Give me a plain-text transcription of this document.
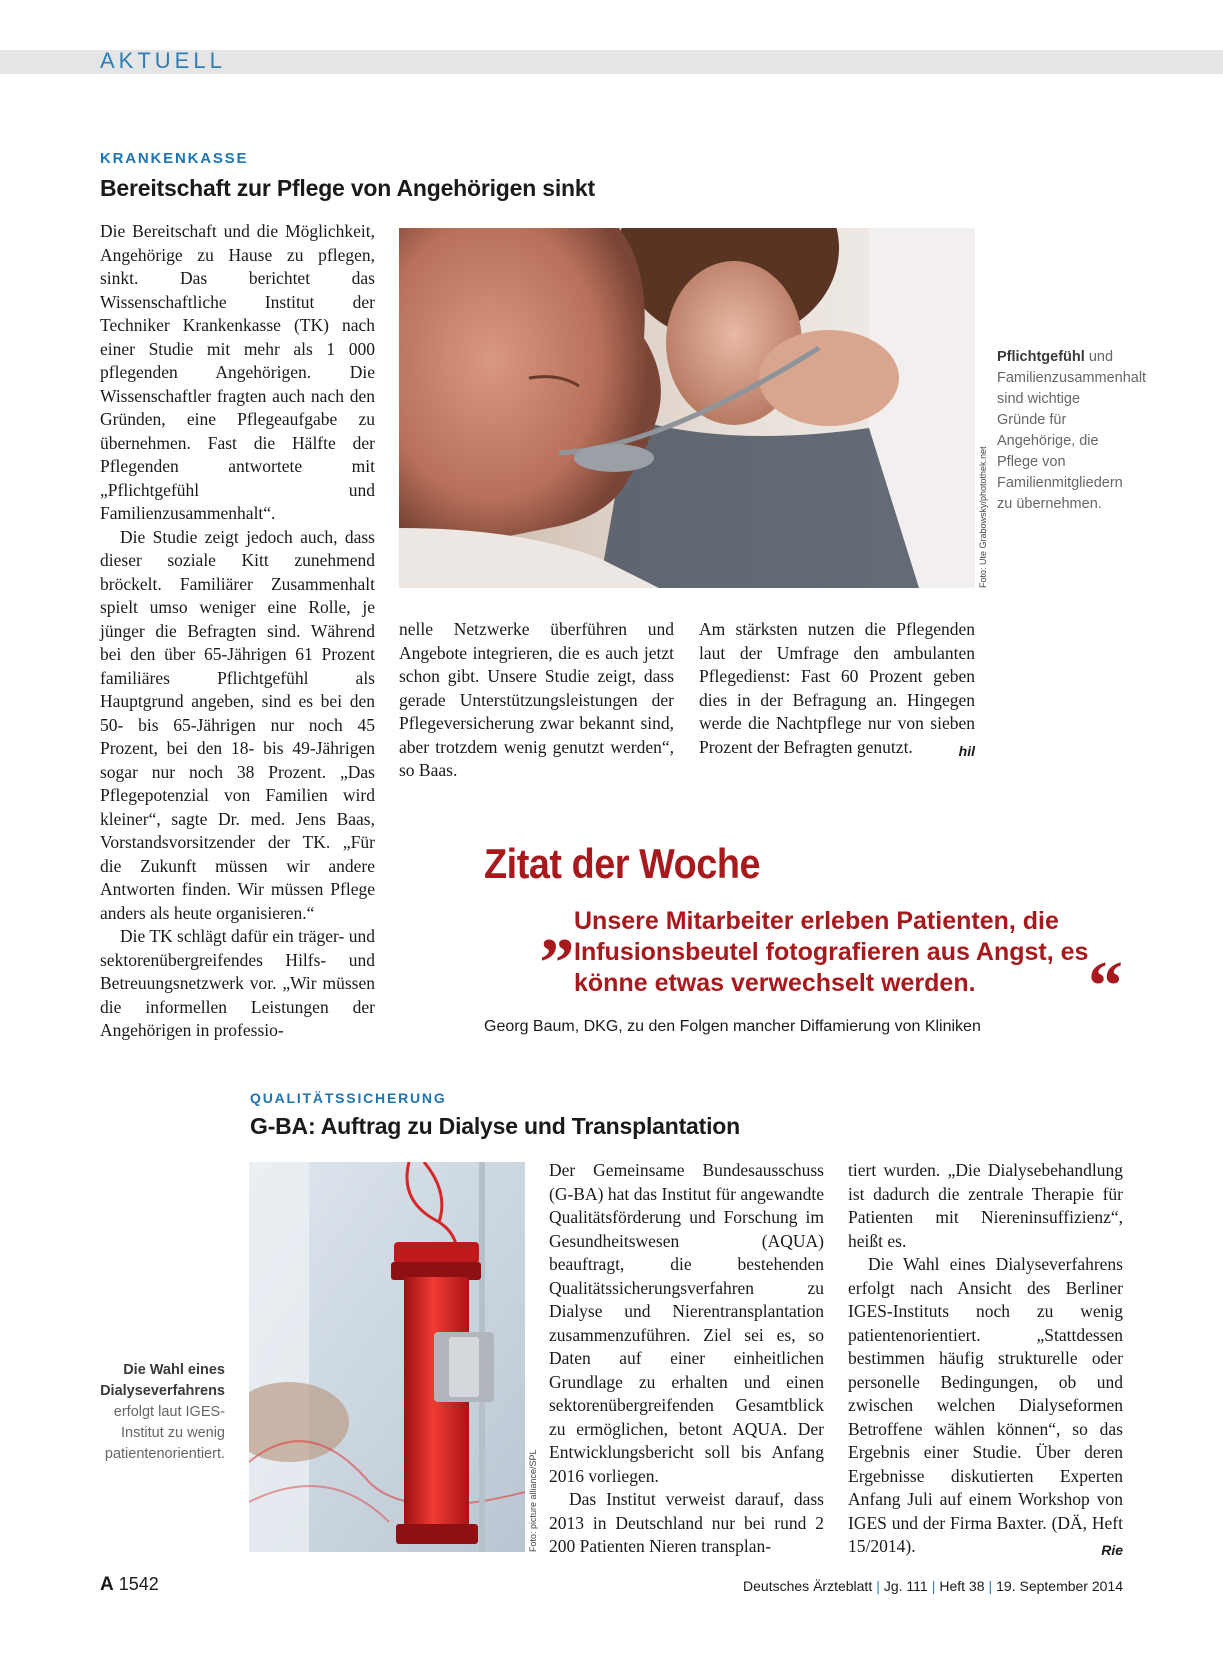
AKTUELL
KRANKENKASSE
Bereitschaft zur Pflege von Angehörigen sinkt

Die Bereitschaft und die Möglichkeit, Angehörige zu Hause zu pflegen, sinkt. Das berichtet das Wissenschaftliche Institut der Techniker Krankenkasse (TK) nach einer Studie mit mehr als 1 000 pflegenden Angehörigen. Die Wissenschaftler fragten auch nach den Gründen, eine Pflegeaufgabe zu übernehmen. Fast die Hälfte der Pflegenden antwortete mit „Pflichtgefühl und Familienzusammenhalt“.

Die Studie zeigt jedoch auch, dass dieser soziale Kitt zunehmend bröckelt. Familiärer Zusammenhalt spielt umso weniger eine Rolle, je jünger die Befragten sind. Während bei den über 65-Jährigen 61 Prozent familiäres Pflichtgefühl als Hauptgrund angeben, sind es bei den 50- bis 65-Jährigen nur noch 45 Prozent, bei den 18- bis 49-Jährigen sogar nur noch 38 Prozent. „Das Pflegepotenzial von Familien wird kleiner“, sagte Dr. med. Jens Baas, Vorstandsvorsitzender der TK. „Für die Zukunft müssen wir andere Antworten finden. Wir müssen Pflege anders als heute organisieren.“

Die TK schlägt dafür ein träger- und sektorenübergreifendes Hilfs- und Betreuungsnetzwerk vor. „Wir müssen die informellen Leistungen der Angehörigen in professio-

Foto: Ute Grabowsky/photothek.net
Pflichtgefühl und Familienzusammenhalt sind wichtige Gründe für Angehörige, die Pflege von Familienmitgliedern zu übernehmen.

nelle Netzwerke überführen und Angebote integrieren, die es auch jetzt schon gibt. Unsere Studie zeigt, dass gerade Unterstützungsleistungen der Pflegeversicherung zwar bekannt sind, aber trotzdem wenig genutzt werden“, so Baas.

Am stärksten nutzen die Pflegenden laut der Umfrage den ambulanten Pflegedienst: Fast 60 Prozent geben dies in der Befragung an. Hingegen werde die Nachtpflege nur von sieben Prozent der Befragten genutzt.	hil

Zitat der Woche
„ Unsere Mitarbeiter erleben Patienten, die Infusionsbeutel fotografieren aus Angst, es könne etwas verwechselt werden.	“
Georg Baum, DKG, zu den Folgen mancher Diffamierung von Kliniken
QUALITÄTSSICHERUNG
G-BA: Auftrag zu Dialyse und Transplantation
Die Wahl eines Dialyseverfahrens erfolgt laut IGES-Institut zu wenig patientenorientiert.	Foto: picture alliance/SPL

Der Gemeinsame Bundesausschuss (G-BA) hat das Institut für angewandte Qualitätsförderung und Forschung im Gesundheitswesen (AQUA) beauftragt, die bestehenden Qualitätssicherungsverfahren zu Dialyse und Nierentransplantation zusammenzuführen. Ziel sei es, so Daten auf einer einheitlichen Grundlage zu erhalten und einen sektorenübergreifenden Gesamtblick zu ermöglichen, betont AQUA. Der Entwicklungsbericht soll bis Anfang 2016 vorliegen.

Das Institut verweist darauf, dass 2013 in Deutschland nur bei rund 2 200 Patienten Nieren transplan-

tiert wurden. „Die Dialysebehandlung ist dadurch die zentrale Therapie für Patienten mit Niereninsuffizienz“, heißt es.

Die Wahl eines Dialyseverfahrens erfolgt nach Ansicht des Berliner IGES-Instituts noch zu wenig patientenorientiert. „Stattdessen bestimmen häufig strukturelle oder personelle Bedingungen, ob und zwischen welchen Dialyseformen Betroffene wählen können“, so das Ergebnis einer Studie. Über deren Ergebnisse diskutierten Experten Anfang Juli auf einem Workshop von IGES und der Firma Baxter. (DÄ, Heft 15/2014).	Rie

A 1542	Deutsches Ärzteblatt | Jg. 111 | Heft 38 | 19. September 2014
